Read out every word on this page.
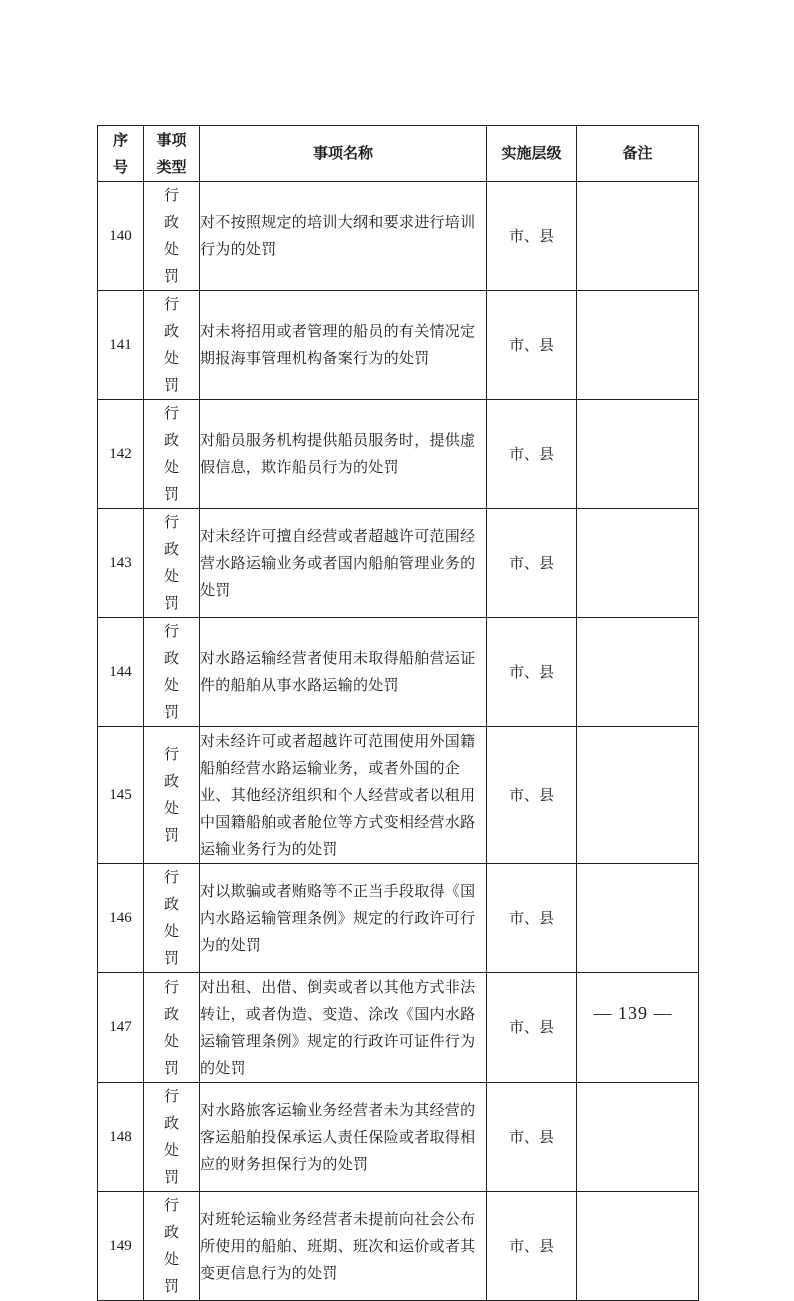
序号	事项类型	事项名称	实施层级	备注
140	行政处罚	对不按照规定的培训大纲和要求进行培训行为的处罚	市、县	
141	行政处罚	对未将招用或者管理的船员的有关情况定期报海事管理机构备案行为的处罚	市、县	
142	行政处罚	对船员服务机构提供船员服务时，提供虚假信息，欺诈船员行为的处罚	市、县	
143	行政处罚	对未经许可擅自经营或者超越许可范围经营水路运输业务或者国内船舶管理业务的处罚	市、县	
144	行政处罚	对水路运输经营者使用未取得船舶营运证件的船舶从事水路运输的处罚	市、县	
145	行政处罚	对未经许可或者超越许可范围使用外国籍船舶经营水路运输业务，或者外国的企业、其他经济组织和个人经营或者以租用中国籍船舶或者舱位等方式变相经营水路运输业务行为的处罚	市、县	
146	行政处罚	对以欺骗或者贿赂等不正当手段取得《国内水路运输管理条例》规定的行政许可行为的处罚	市、县	
147	行政处罚	对出租、出借、倒卖或者以其他方式非法转让，或者伪造、变造、涂改《国内水路运输管理条例》规定的行政许可证件行为的处罚	市、县	
148	行政处罚	对水路旅客运输业务经营者未为其经营的客运船舶投保承运人责任保险或者取得相应的财务担保行为的处罚	市、县	
149	行政处罚	对班轮运输业务经营者未提前向社会公布所使用的船舶、班期、班次和运价或者其变更信息行为的处罚	市、县	
— 139 —
